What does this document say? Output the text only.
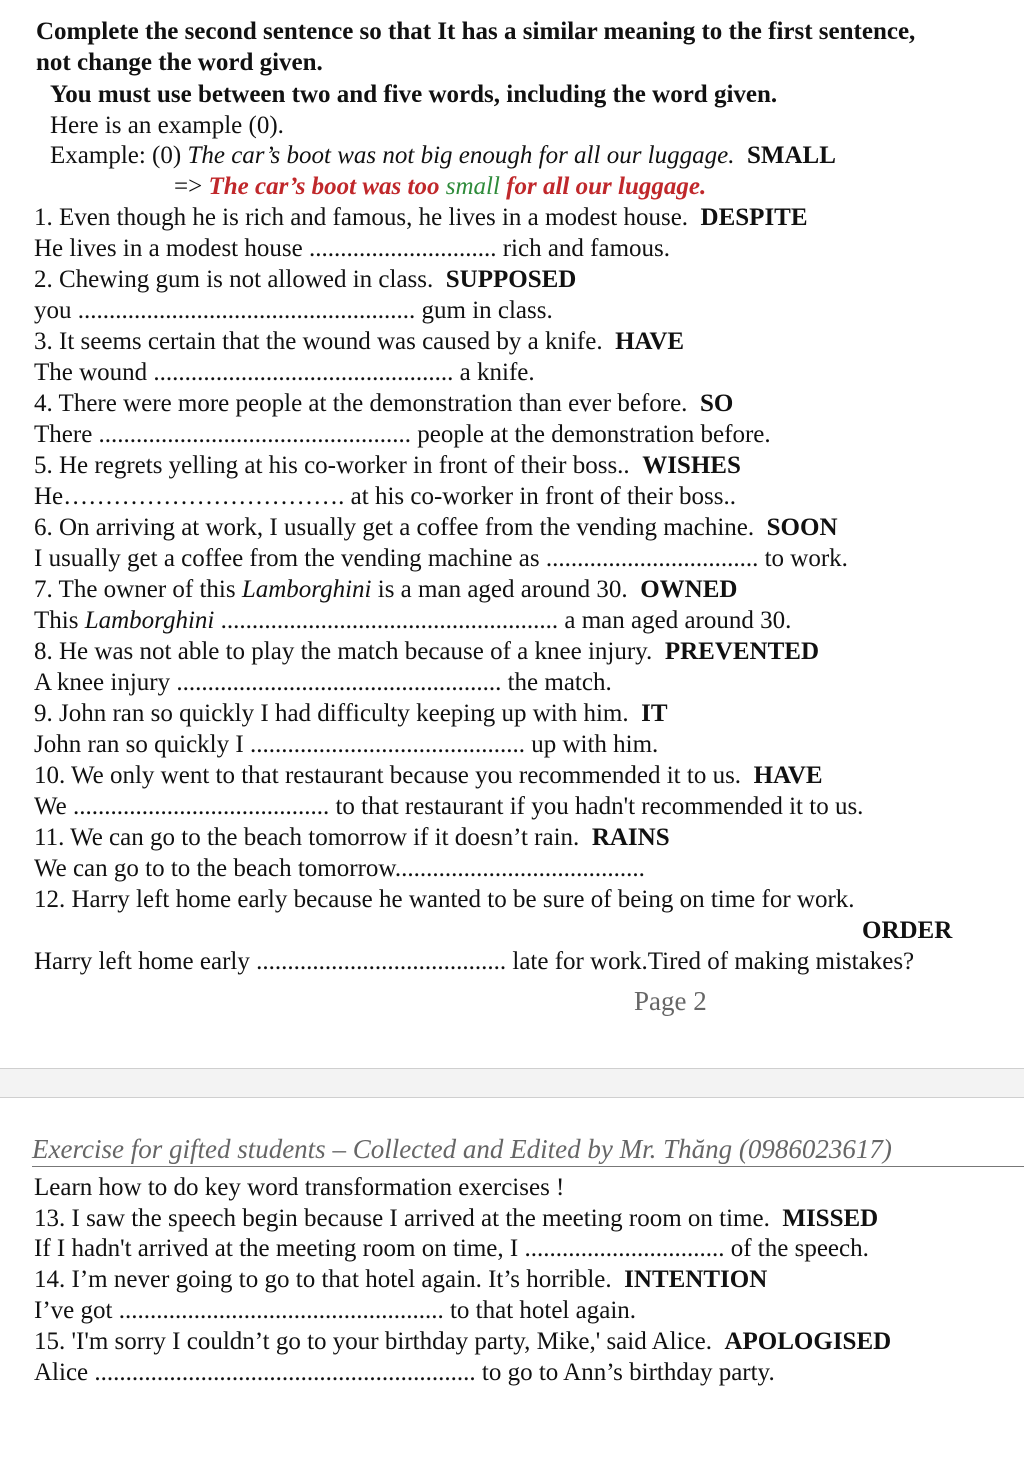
Complete the second sentence so that It has a similar meaning to the first sentence,
not change the word given.
You must use between two and five words, including the word given.
Here is an example (0).
Example: (0) The car’s boot was not big enough for all our luggage. SMALL
=> The car’s boot was too small for all our luggage.
1. Even though he is rich and famous, he lives in a modest house. DESPITE
He lives in a modest house .............................. rich and famous.
2. Chewing gum is not allowed in class. SUPPOSED
you ...................................................... gum in class.
3. It seems certain that the wound was caused by a knife. HAVE
The wound ................................................ a knife.
4. There were more people at the demonstration than ever before. SO
There .................................................. people at the demonstration before.
5. He regrets yelling at his co-worker in front of their boss.. WISHES
He……………………………. at his co-worker in front of their boss..
6. On arriving at work, I usually get a coffee from the vending machine. SOON
I usually get a coffee from the vending machine as .................................. to work.
7. The owner of this Lamborghini is a man aged around 30. OWNED
This Lamborghini ...................................................... a man aged around 30.
8. He was not able to play the match because of a knee injury. PREVENTED
A knee injury .................................................... the match.
9. John ran so quickly I had difficulty keeping up with him. IT
John ran so quickly I ............................................ up with him.
10. We only went to that restaurant because you recommended it to us. HAVE
We ......................................... to that restaurant if you hadn't recommended it to us.
11. We can go to the beach tomorrow if it doesn’t rain. RAINS
We can go to to the beach tomorrow........................................
12. Harry left home early because he wanted to be sure of being on time for work.
ORDER
Harry left home early ........................................ late for work.Tired of making mistakes?
Page 2
Exercise for gifted students – Collected and Edited by Mr. Thăng (0986023617)
Learn how to do key word transformation exercises !
13. I saw the speech begin because I arrived at the meeting room on time. MISSED
If I hadn't arrived at the meeting room on time, I ................................ of the speech.
14. I’m never going to go to that hotel again. It’s horrible. INTENTION
I’ve got .................................................... to that hotel again.
15. 'I'm sorry I couldn’t go to your birthday party, Mike,' said Alice. APOLOGISED
Alice ............................................................. to go to Ann’s birthday party.
